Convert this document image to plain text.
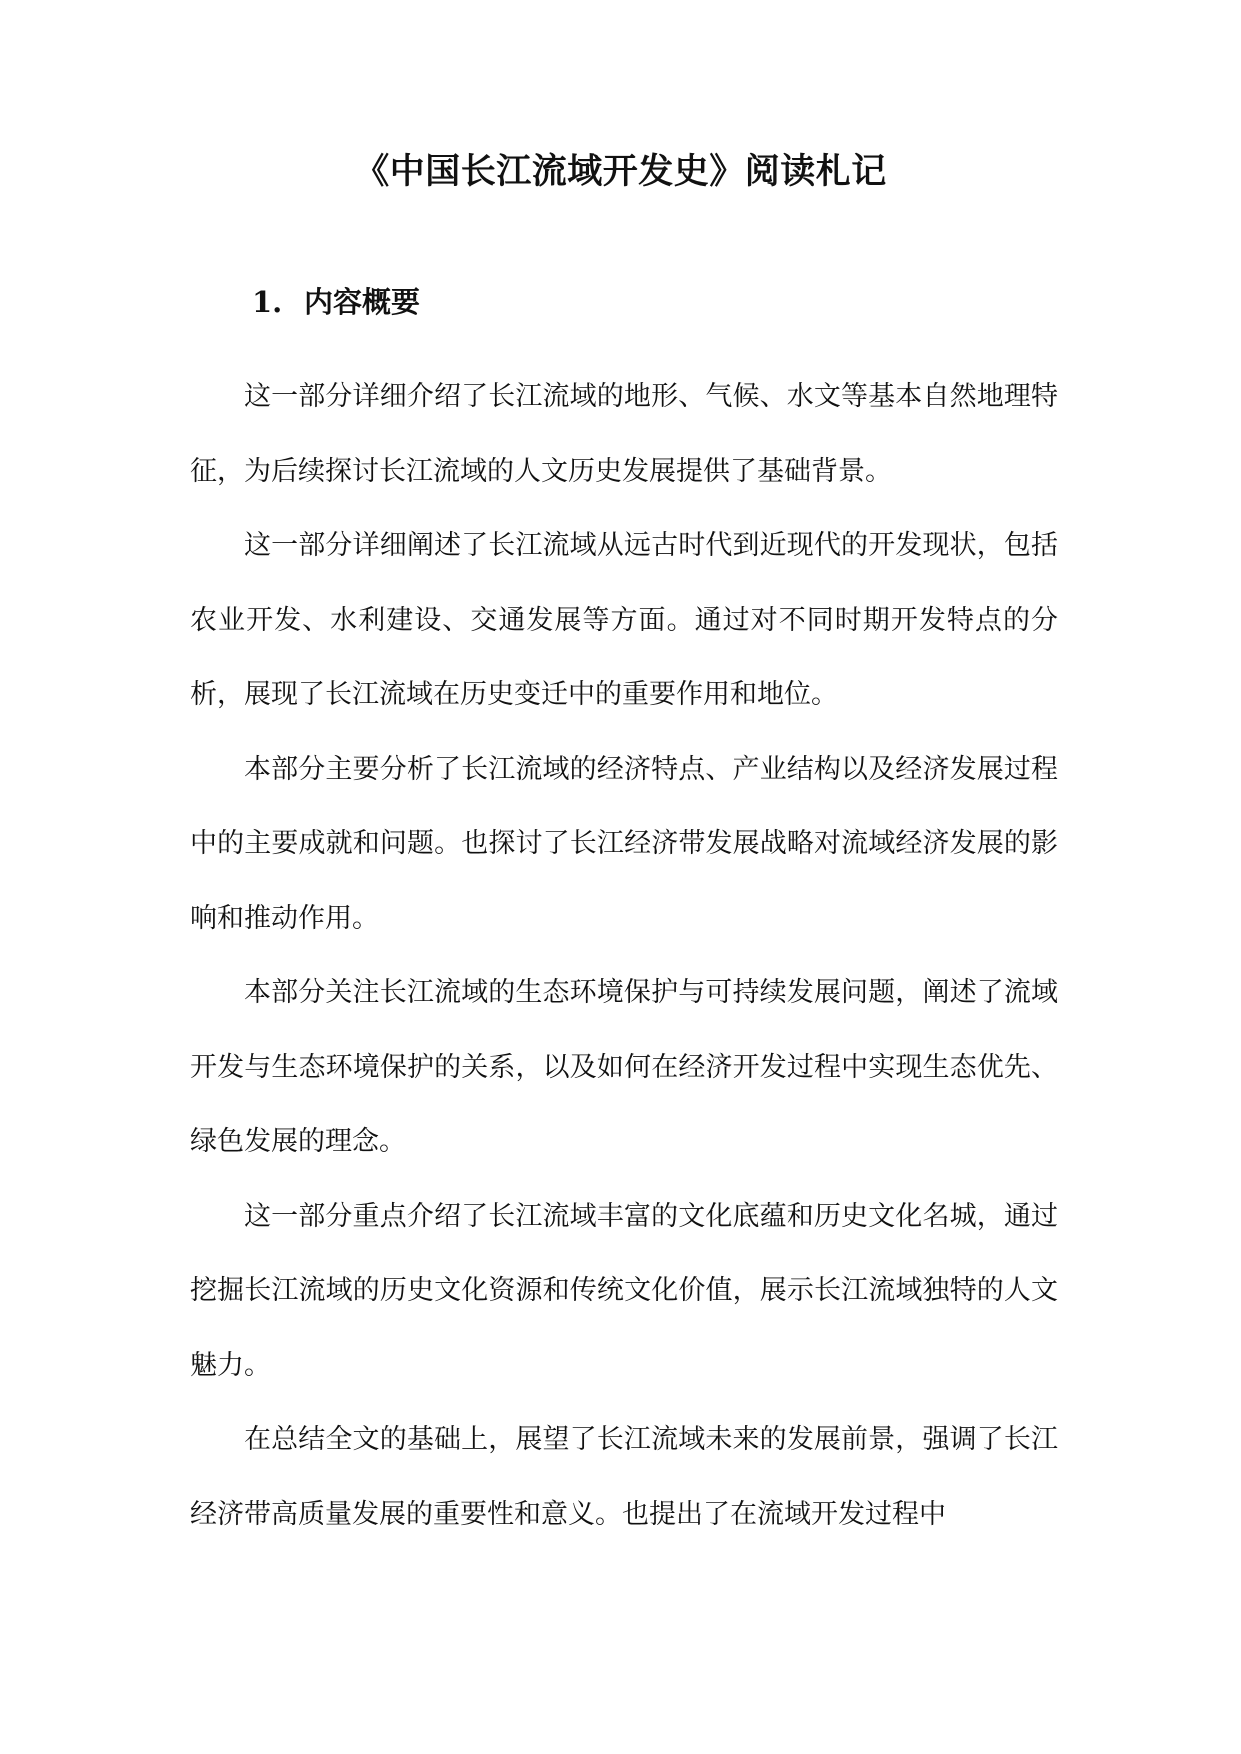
《中国长江流域开发史》阅读札记
1. 内容概要

这一部分详细介绍了长江流域的地形、气候、水文等基本自然地理特征，为后续探讨长江流域的人文历史发展提供了基础背景。

这一部分详细阐述了长江流域从远古时代到近现代的开发现状，包括农业开发、水利建设、交通发展等方面。通过对不同时期开发特点的分析，展现了长江流域在历史变迁中的重要作用和地位。

本部分主要分析了长江流域的经济特点、产业结构以及经济发展过程中的主要成就和问题。也探讨了长江经济带发展战略对流域经济发展的影响和推动作用。

本部分关注长江流域的生态环境保护与可持续发展问题，阐述了流域开发与生态环境保护的关系，以及如何在经济开发过程中实现生态优先、绿色发展的理念。

这一部分重点介绍了长江流域丰富的文化底蕴和历史文化名城，通过挖掘长江流域的历史文化资源和传统文化价值，展示长江流域独特的人文魅力。

在总结全文的基础上，展望了长江流域未来的发展前景，强调了长江经济带高质量发展的重要性和意义。也提出了在流域开发过程中
